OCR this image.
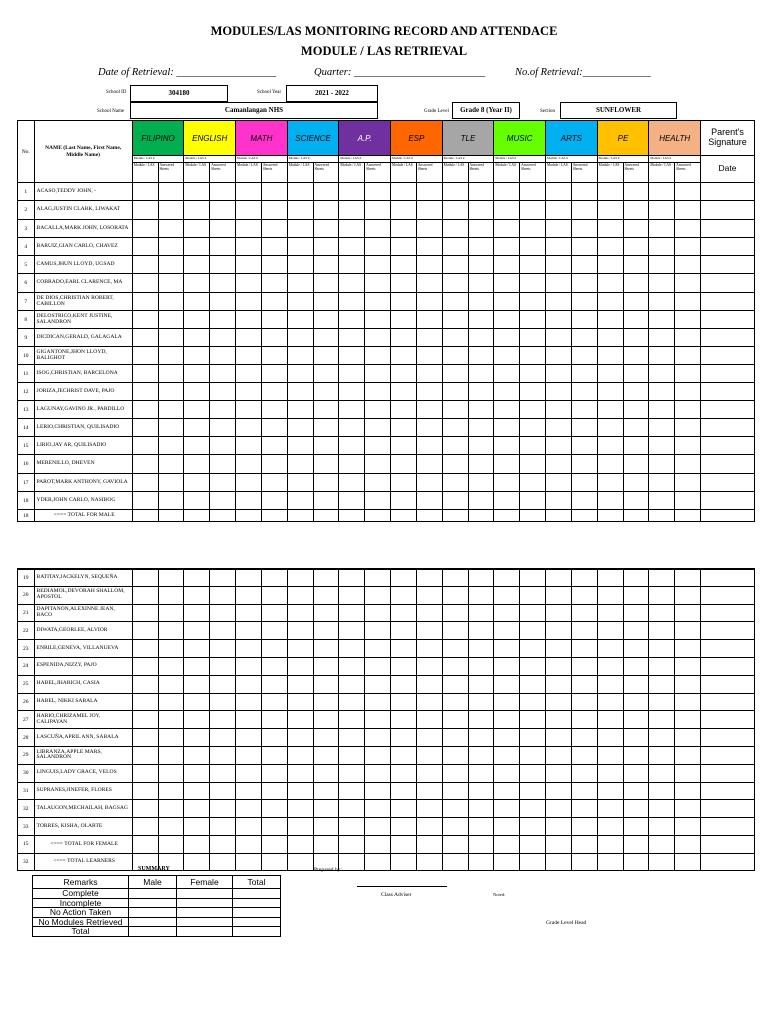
MODULES/LAS MONITORING RECORD AND ATTENDACE
MODULE / LAS RETRIEVAL
Date of Retrieval: ___________________	Quarter: _________________________	No.of Retrieval:_____________
School ID	304180	School Year	2021 - 2022
School Name	Camanlangan NHS	Grade Level	Grade 8 (Year II)	Section	SUNFLOWER
No.	NAME (Last Name, First Name, Middle Name)	FILIPINO		ENGLISH		MATH		SCIENCE		A.P.		ESP		TLE		MUSIC		ARTS		PE		HEALTH		Parent's Signature
		Module / LAS #		Module / LAS #		Module / LAS #		Module / LAS #		Module / LAS #		Module / LAS #		Module / LAS #		Module / LAS #		Module / LAS #		Module / LAS #		Module / LAS #		Date
		Module / LAS	Answered Sheets	Module / LAS	Answered Sheets	Module / LAS	Answered Sheets	Module / LAS	Answered Sheets	Module / LAS	Answered Sheets	Module / LAS	Answered Sheets	Module / LAS	Answered Sheets	Module / LAS	Answered Sheets	Module / LAS	Answered Sheets	Module / LAS	Answered Sheets	Module / LAS	Answered Sheets	
1	ACASO,TEDDY JOHN, -																							
2	ALAG,JUSTIN CLARK, LIWAKAT																							
3	BACALLA,MARK JOHN, LOSORATA																							
4	BARUIZ,GIAN CARLO, CHAVEZ																							
5	CAMUS,JHUN LLOYD, UGSAD																							
6	COBRADO,EARL CLARENCE, MA																							
7	DE DIOS,CHRISTIAN ROBERT, CABILLON																							
8	DELOSTRICO,KENT JUSTINE, SALANDRON																							
9	DICDICAN,GERALD, GALAGALA																							
10	GIGANTONE,JHON LLOYD, BALIGHOT																							
11	ISOG,CHRISTIAN, BARCELONA																							
12	JORIZA,JECHRIST DAVE, PAJO																							
13	LAGUNAY,GAVINO JR., PARDILLO																							
14	LERIO,CHRISTIAN, QUILISADIO																							
15	LIRIO,JAY AR, QUILISADIO																							
16	MERENILLO, DHEVEN																							
17	PAROT,MARK ANTHONY, GAVIOLA																							
18	YDER,JOHN CARLO, NASIBOG																							
18	<=== TOTAL FOR MALE																							

19	BATITAY,JACKELYN, SEQUEÑA																							
20	BEDIAMOL,DEVORAH SHALLOM, APOSTOL																							
21	DAPITANON,ALEXINNE JEAN, BACO																							
22	DIWATA,GEORLEE, ALVIOR																							
23	ENRILE,GENEVA, VILLANUEVA																							
24	ESPENIDA,NIZZY, PAJO																							
25	HABEL,JHARICH, CASIA																							
26	HABEL, NIKKI SABALA																							
27	HARIO,CHRIZAMEL JOY, CALIPAYAN																							
28	LASCUÑA,APRIL ANN, SABALA																							
29	LIBRANZA,APPLE MARS, SALANDRON																							
30	LINGUIS,LADY GRACE, VELOS																							
31	SUPRANES,JINEFER, FLORES																							
32	TALAUGON,MECHAILAH, BAGSAG																							
33	TORRES, KISHA, OLARTE																							
15	<=== TOTAL FOR FEMALE																							
32	<=== TOTAL LEARNERS																							
SUMMARY
Remarks	Male	Female	Total
Complete			
Incomplete			
No Action Taken			
No Modules Retrieved			
Total			
Prepared by:
Class Adviser	Noted:
Grade Level Head
